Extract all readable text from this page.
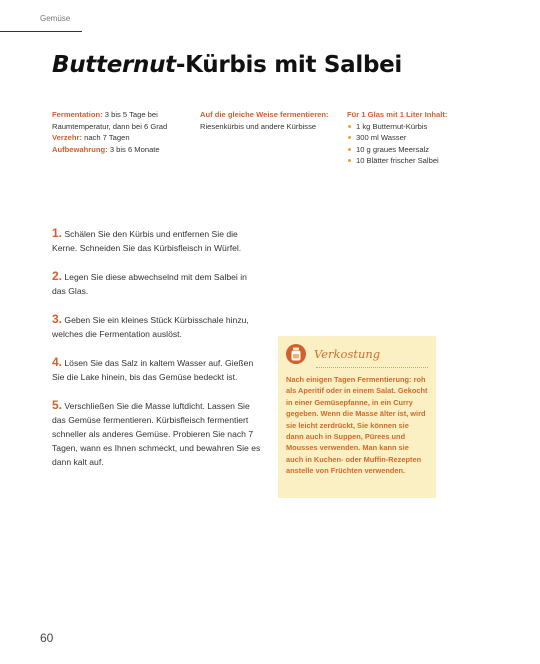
Gemüse
Butternut-Kürbis mit Salbei
Fermentation: 3 bis 5 Tage bei Raumtemperatur, dann bei 6 Grad
Verzehr: nach 7 Tagen
Aufbewahrung: 3 bis 6 Monate
Auf die gleiche Weise fermentieren: Riesenkürbis und andere Kürbisse
Für 1 Glas mit 1 Liter Inhalt:
1 kg Butternut-Kürbis
300 ml Wasser
10 g graues Meersalz
10 Blätter frischer Salbei

1. Schälen Sie den Kürbis und entfernen Sie die Kerne. Schneiden Sie das Kürbisfleisch in Würfel.

2. Legen Sie diese abwechselnd mit dem Salbei in das Glas.

3. Geben Sie ein kleines Stück Kürbisschale hinzu, welches die Fermentation auslöst.

4. Lösen Sie das Salz in kaltem Wasser auf. Gießen Sie die Lake hinein, bis das Gemüse bedeckt ist.

5. Verschließen Sie die Masse luftdicht. Lassen Sie das Gemüse fermentieren. Kürbisfleisch fermentiert schneller als anderes Gemüse. Probieren Sie nach 7 Tagen, wann es Ihnen schmeckt, und bewahren Sie es dann kalt auf.

Verkostung
Nach einigen Tagen Fermentierung: roh als Aperitif oder in einem Salat. Gekocht in einer Gemüsepfanne, in ein Curry gegeben. Wenn die Masse älter ist, wird sie leicht zerdrückt, Sie können sie dann auch in Suppen, Pürees und Mousses verwenden. Man kann sie auch in Kuchen- oder Muffin-Rezepten anstelle von Früchten verwenden.
60
